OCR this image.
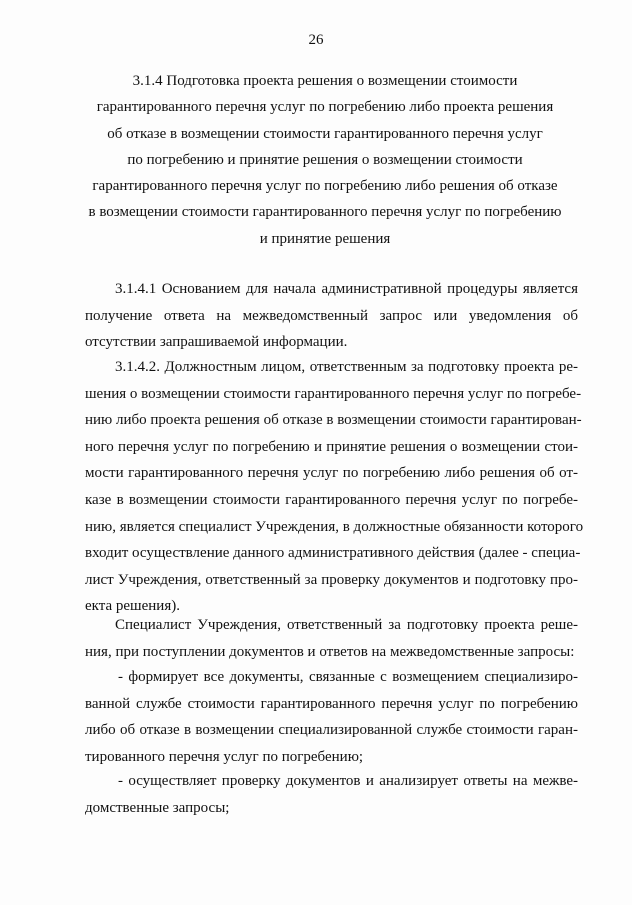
26
3.1.4 Подготовка проекта решения о возмещении стоимости
гарантированного перечня услуг по погребению либо проекта решения
об отказе в возмещении стоимости гарантированного перечня услуг
по погребению и принятие решения о возмещении стоимости
гарантированного перечня услуг по погребению либо решения об отказе
в возмещении стоимости гарантированного перечня услуг по погребению
и принятие решения
3.1.4.1 Основанием для начала административной процедуры является
получение ответа на межведомственный запрос или уведомления об
отсутствии запрашиваемой информации.
3.1.4.2. Должностным лицом, ответственным за подготовку проекта ре-
шения о возмещении стоимости гарантированного перечня услуг по погребе-
нию либо проекта решения об отказе в возмещении стоимости гарантирован-
ного перечня услуг по погребению и принятие решения о возмещении стои-
мости гарантированного перечня услуг по погребению либо решения об от-
казе в возмещении стоимости гарантированного перечня услуг по погребе-
нию, является специалист Учреждения, в должностные обязанности которого
входит осуществление данного административного действия (далее - специа-
лист Учреждения, ответственный за проверку документов и подготовку про-
екта решения).
Специалист Учреждения, ответственный за подготовку проекта реше-
ния, при поступлении документов и ответов на межведомственные запросы:
- формирует все документы, связанные с возмещением специализиро-
ванной службе стоимости гарантированного перечня услуг по погребению
либо об отказе в возмещении специализированной службе стоимости гаран-
тированного перечня услуг по погребению;
- осуществляет проверку документов и анализирует ответы на межве-
домственные запросы;
